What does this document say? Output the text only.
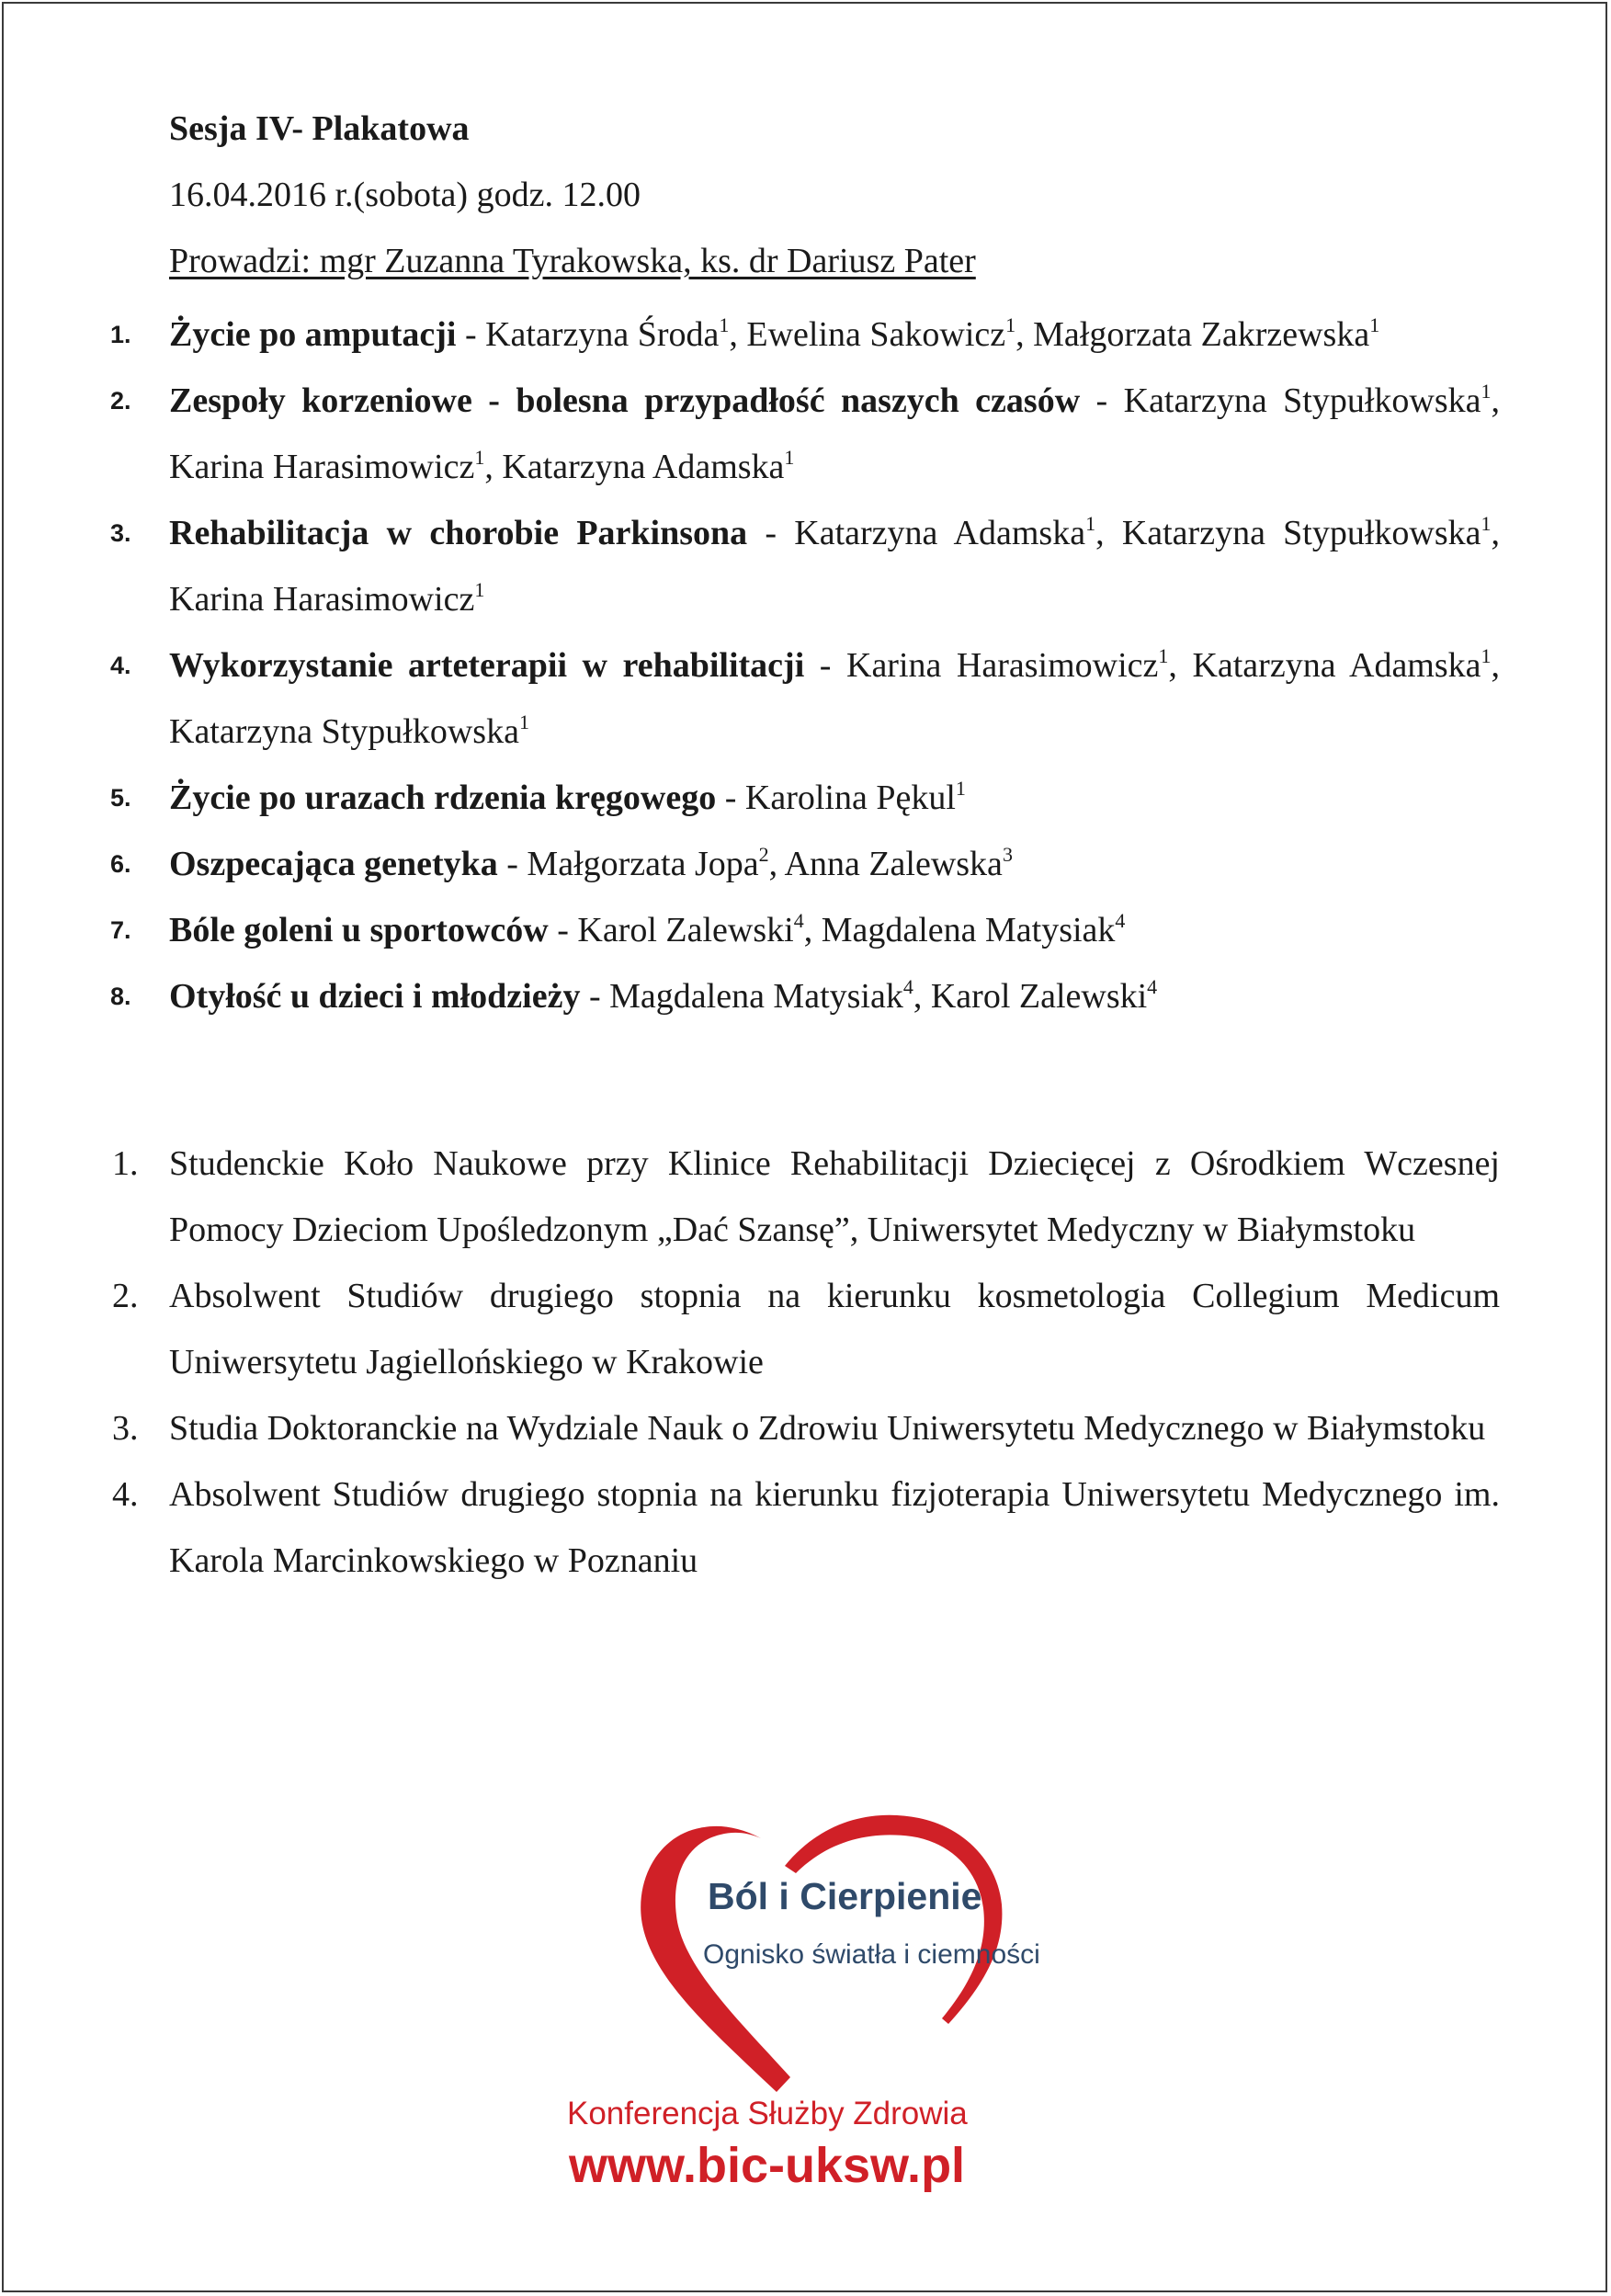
Sesja IV- Plakatowa

16.04.2016 r.(sobota) godz. 12.00

Prowadzi: mgr Zuzanna Tyrakowska, ks. dr Dariusz Pater

1. Życie po amputacji - Katarzyna Środa$^1$, Ewelina Sakowicz$^1$, Małgorzata Zakrzewska$^1$
2. Zespoły korzeniowe - bolesna przypadłość naszych czasów - Katarzyna Stypułkowska$^1$, Karina Harasimowicz$^1$, Katarzyna Adamska$^1$
3. Rehabilitacja w chorobie Parkinsona - Katarzyna Adamska$^1$, Katarzyna Stypułkowska$^1$, Karina Harasimowicz$^1$
4. Wykorzystanie arteterapii w rehabilitacji - Karina Harasimowicz$^1$, Katarzyna Adamska$^1$, Katarzyna Stypułkowska$^1$
5. Życie po urazach rdzenia kręgowego - Karolina Pękul$^1$
6. Oszpecająca genetyka - Małgorzata Jopa$^2$, Anna Zalewska$^3$
7. Bóle goleni u sportowców - Karol Zalewski$^4$, Magdalena Matysiak$^4$
8. Otyłość u dzieci i młodzieży - Magdalena Matysiak$^4$, Karol Zalewski$^4$
1. Studenckie Koło Naukowe przy Klinice Rehabilitacji Dziecięcej z Ośrodkiem Wczesnej Pomocy Dzieciom Upośledzonym „Dać Szansę”, Uniwersytet Medyczny w Białymstoku
2. Absolwent Studiów drugiego stopnia na kierunku kosmetologia Collegium Medicum Uniwersytetu Jagiellońskiego w Krakowie
3. Studia Doktoranckie na Wydziale Nauk o Zdrowiu Uniwersytetu Medycznego w Białymstoku
4. Absolwent Studiów drugiego stopnia na kierunku fizjoterapia Uniwersytetu Medycznego im. Karola Marcinkowskiego w Poznaniu
Ból i Cierpienie
Ognisko światła i ciemności
Konferencja Służby Zdrowia
www.bic-uksw.pl
